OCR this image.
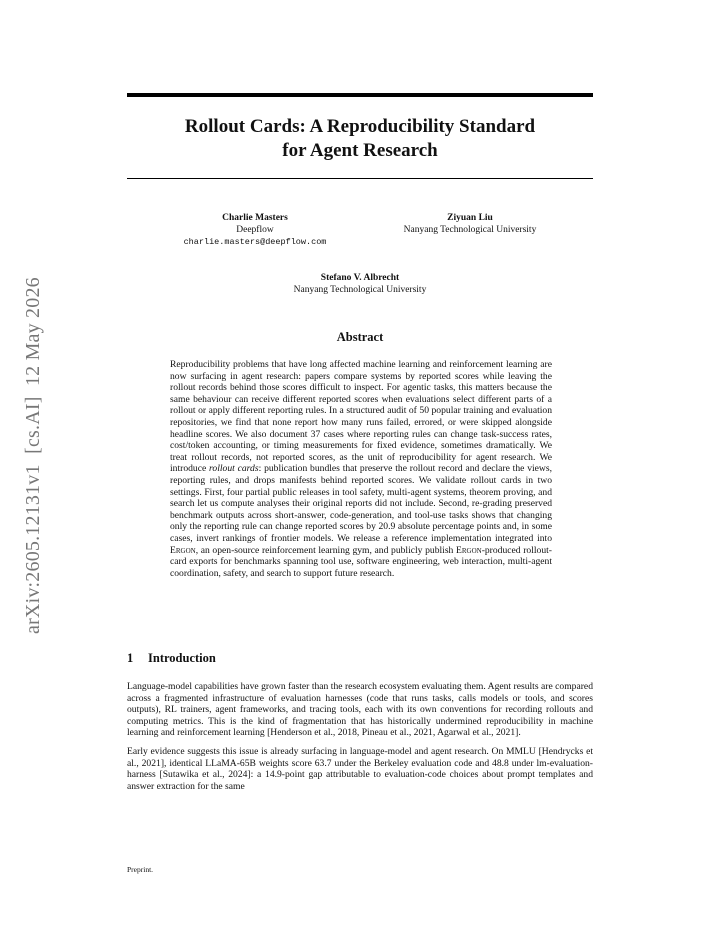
arXiv:2605.12131v1  [cs.AI]  12 May 2026
Rollout Cards: A Reproducibility Standard
for Agent Research
Charlie Masters
Deepflow
charlie.masters@deepflow.com
Ziyuan Liu
Nanyang Technological University
Stefano V. Albrecht
Nanyang Technological University
Abstract
Reproducibility problems that have long affected machine learning and reinforcement learning are now surfacing in agent research: papers compare systems by reported scores while leaving the rollout records behind those scores difficult to inspect. For agentic tasks, this matters because the same behaviour can receive different reported scores when evaluations select different parts of a rollout or apply different reporting rules. In a structured audit of 50 popular training and evaluation repositories, we find that none report how many runs failed, errored, or were skipped alongside headline scores. We also document 37 cases where reporting rules can change task-success rates, cost/token accounting, or timing measurements for fixed evidence, sometimes dramatically. We treat rollout records, not reported scores, as the unit of reproducibility for agent research. We introduce rollout cards: publication bundles that preserve the rollout record and declare the views, reporting rules, and drops manifests behind reported scores. We validate rollout cards in two settings. First, four partial public releases in tool safety, multi-agent systems, theorem proving, and search let us compute analyses their original reports did not include. Second, re-grading preserved benchmark outputs across short-answer, code-generation, and tool-use tasks shows that changing only the reporting rule can change reported scores by 20.9 absolute percentage points and, in some cases, invert rankings of frontier models. We release a reference implementation integrated into Ergon, an open-source reinforcement learning gym, and publicly publish Ergon-produced rollout-card exports for benchmarks spanning tool use, software engineering, web interaction, multi-agent coordination, safety, and search to support future research.
1 Introduction
Language-model capabilities have grown faster than the research ecosystem evaluating them. Agent results are compared across a fragmented infrastructure of evaluation harnesses (code that runs tasks, calls models or tools, and scores outputs), RL trainers, agent frameworks, and tracing tools, each with its own conventions for recording rollouts and computing metrics. This is the kind of fragmentation that has historically undermined reproducibility in machine learning and reinforcement learning [Henderson et al., 2018, Pineau et al., 2021, Agarwal et al., 2021].
Early evidence suggests this issue is already surfacing in language-model and agent research. On MMLU [Hendrycks et al., 2021], identical LLaMA-65B weights score 63.7 under the Berkeley evaluation code and 48.8 under lm-evaluation-harness [Sutawika et al., 2024]: a 14.9-point gap attributable to evaluation-code choices about prompt templates and answer extraction for the same
Preprint.
